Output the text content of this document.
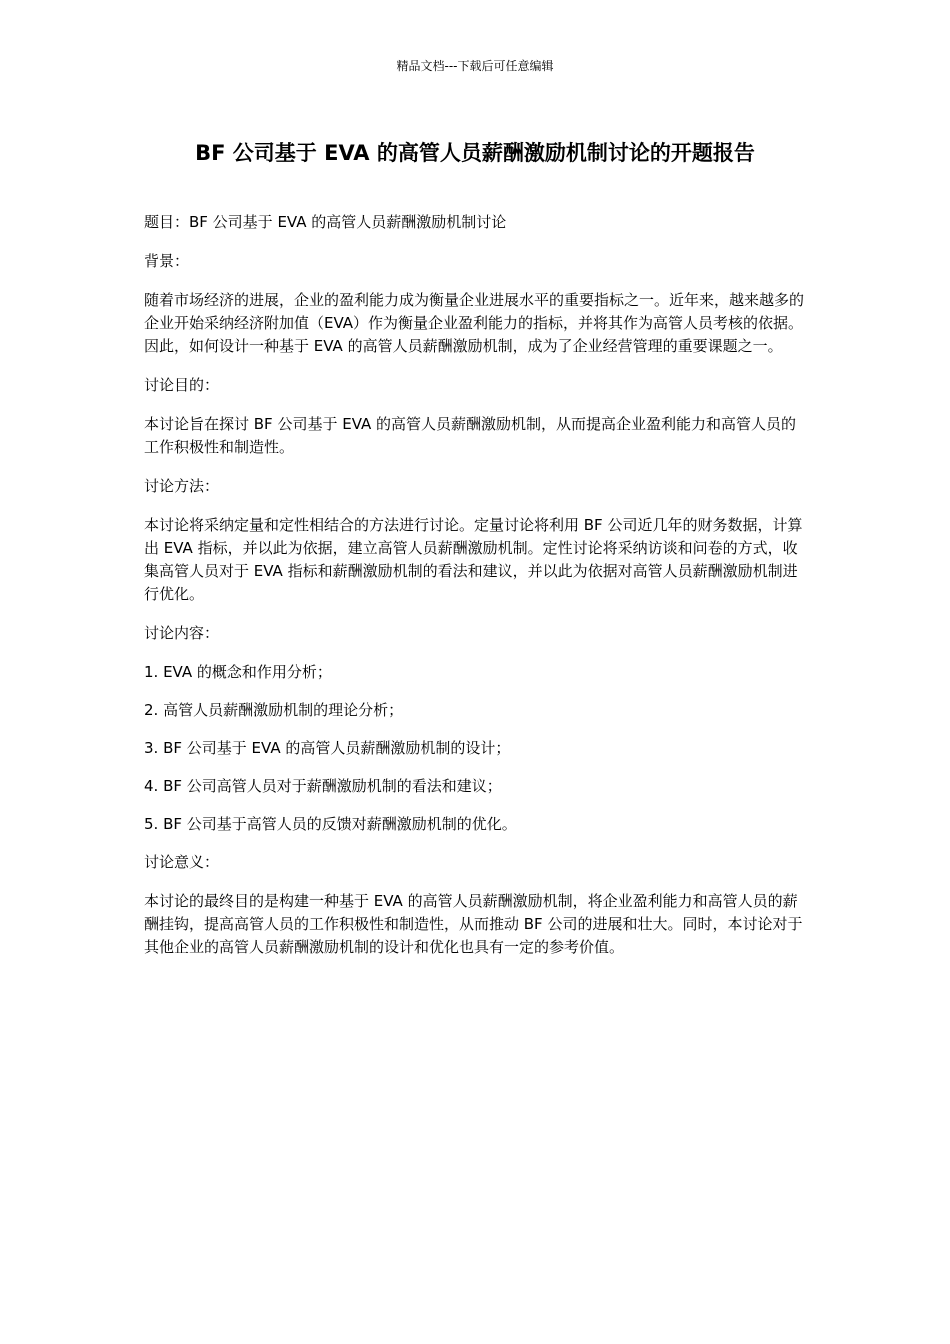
精品文档---下载后可任意编辑
BF 公司基于 EVA 的高管人员薪酬激励机制讨论的开题报告

题目：BF 公司基于 EVA 的高管人员薪酬激励机制讨论

背景：

随着市场经济的进展，企业的盈利能力成为衡量企业进展水平的重要指标之一。近年来，越来越多的企业开始采纳经济附加值（EVA）作为衡量企业盈利能力的指标，并将其作为高管人员考核的依据。因此，如何设计一种基于 EVA 的高管人员薪酬激励机制，成为了企业经营管理的重要课题之一。

讨论目的：

本讨论旨在探讨 BF 公司基于 EVA 的高管人员薪酬激励机制，从而提高企业盈利能力和高管人员的工作积极性和制造性。

讨论方法：

本讨论将采纳定量和定性相结合的方法进行讨论。定量讨论将利用 BF 公司近几年的财务数据，计算出 EVA 指标，并以此为依据，建立高管人员薪酬激励机制。定性讨论将采纳访谈和问卷的方式，收集高管人员对于 EVA 指标和薪酬激励机制的看法和建议，并以此为依据对高管人员薪酬激励机制进行优化。

讨论内容：

1. EVA 的概念和作用分析；

2. 高管人员薪酬激励机制的理论分析；

3. BF 公司基于 EVA 的高管人员薪酬激励机制的设计；

4. BF 公司高管人员对于薪酬激励机制的看法和建议；

5. BF 公司基于高管人员的反馈对薪酬激励机制的优化。

讨论意义：

本讨论的最终目的是构建一种基于 EVA 的高管人员薪酬激励机制，将企业盈利能力和高管人员的薪酬挂钩，提高高管人员的工作积极性和制造性，从而推动 BF 公司的进展和壮大。同时，本讨论对于其他企业的高管人员薪酬激励机制的设计和优化也具有一定的参考价值。
